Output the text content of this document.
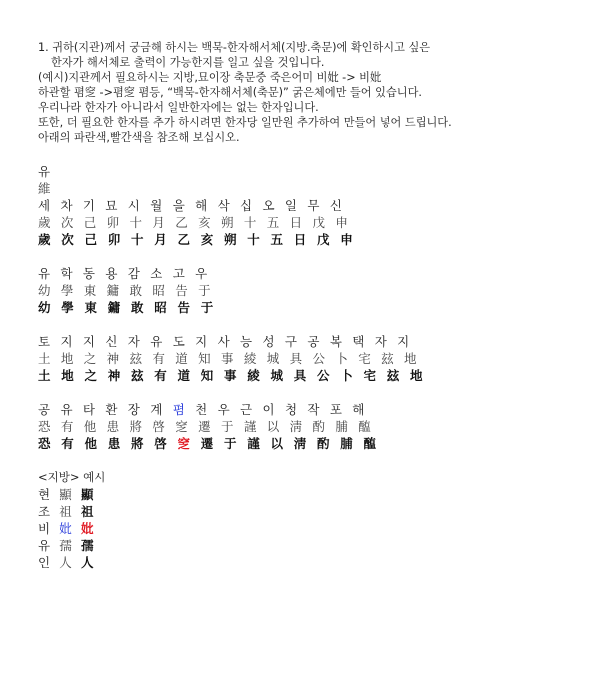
1. 귀하(지관)께서 궁금해 하시는 백묵-한자해서체(지방.축문)에 확인하시고 싶은
한자가 해서체로 출력이 가능한지를 일고 싶을 것입니다.
(예시)지관께서 필요하시는 지방,묘이장 축문중 죽은어미 비妣 -> 비妣
하관할 폄窆 ->폄窆 폄등, “백묵-한자해서체(축문)” 굵은체에만 들어 있습니다.
우리나라 한자가 아니라서 일반한자에는 없는 한자입니다.
또한, 더 필요한 한자를 추가 하시려면 한자당 일만원 추가하여 만들어 넣어 드립니다.
아래의 파란색,빨간색을 참조해 보십시오.
유
維
세 차 기 묘 시 월 을 해 삭 십 오 일 무 신
歲 次 己 卯 十 月 乙 亥 朔 十 五 日 戊 申
歲 次 己 卯 十 月 乙 亥 朔 十 五 日 戊 申
유 학 동 용 감 소 고 우
幼 學 東 鏞 敢 昭 告 于
幼 學 東 鏞 敢 昭 告 于
토 지 지 신 자 유 도 지 사 능 성 구 공 복 택 자 지
土 地 之 神 玆 有 道 知 事 綾 城 具 公 卜 宅 玆 地
土 地 之 神 玆 有 道 知 事 綾 城 具 公 卜 宅 玆 地
공 유 타 환 장 계 폄 천 우 근 이 청 작 포 해
恐 有 他 患 將 啓 窆 遷 于 謹 以 淸 酌 脯 醢
恐 有 他 患 將 啓 窆 遷 于 謹 以 淸 酌 脯 醢
<지방> 예시
현 顯 顯
조 祖 祖
비 妣 妣
유 孺 孺
인 人 人
